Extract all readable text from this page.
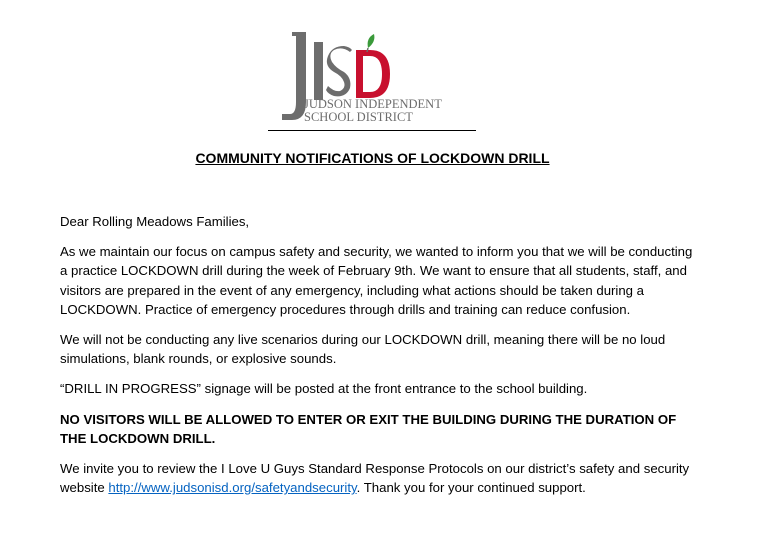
JUDSON INDEPENDENT
SCHOOL DISTRICT
COMMUNITY NOTIFICATIONS OF LOCKDOWN DRILL

Dear Rolling Meadows Families,

As we maintain our focus on campus safety and security, we wanted to inform you that we will be conducting a practice LOCKDOWN drill during the week of February 9th. We want to ensure that all students, staff, and visitors are prepared in the event of any emergency, including what actions should be taken during a LOCKDOWN. Practice of emergency procedures through drills and training can reduce confusion.

We will not be conducting any live scenarios during our LOCKDOWN drill, meaning there will be no loud simulations, blank rounds, or explosive sounds.

“DRILL IN PROGRESS” signage will be posted at the front entrance to the school building.

NO VISITORS WILL BE ALLOWED TO ENTER OR EXIT THE BUILDING DURING THE DURATION OF THE LOCKDOWN DRILL.

We invite you to review the I Love U Guys Standard Response Protocols on our district’s safety and security website http://www.judsonisd.org/safetyandsecurity. Thank you for your continued support.
